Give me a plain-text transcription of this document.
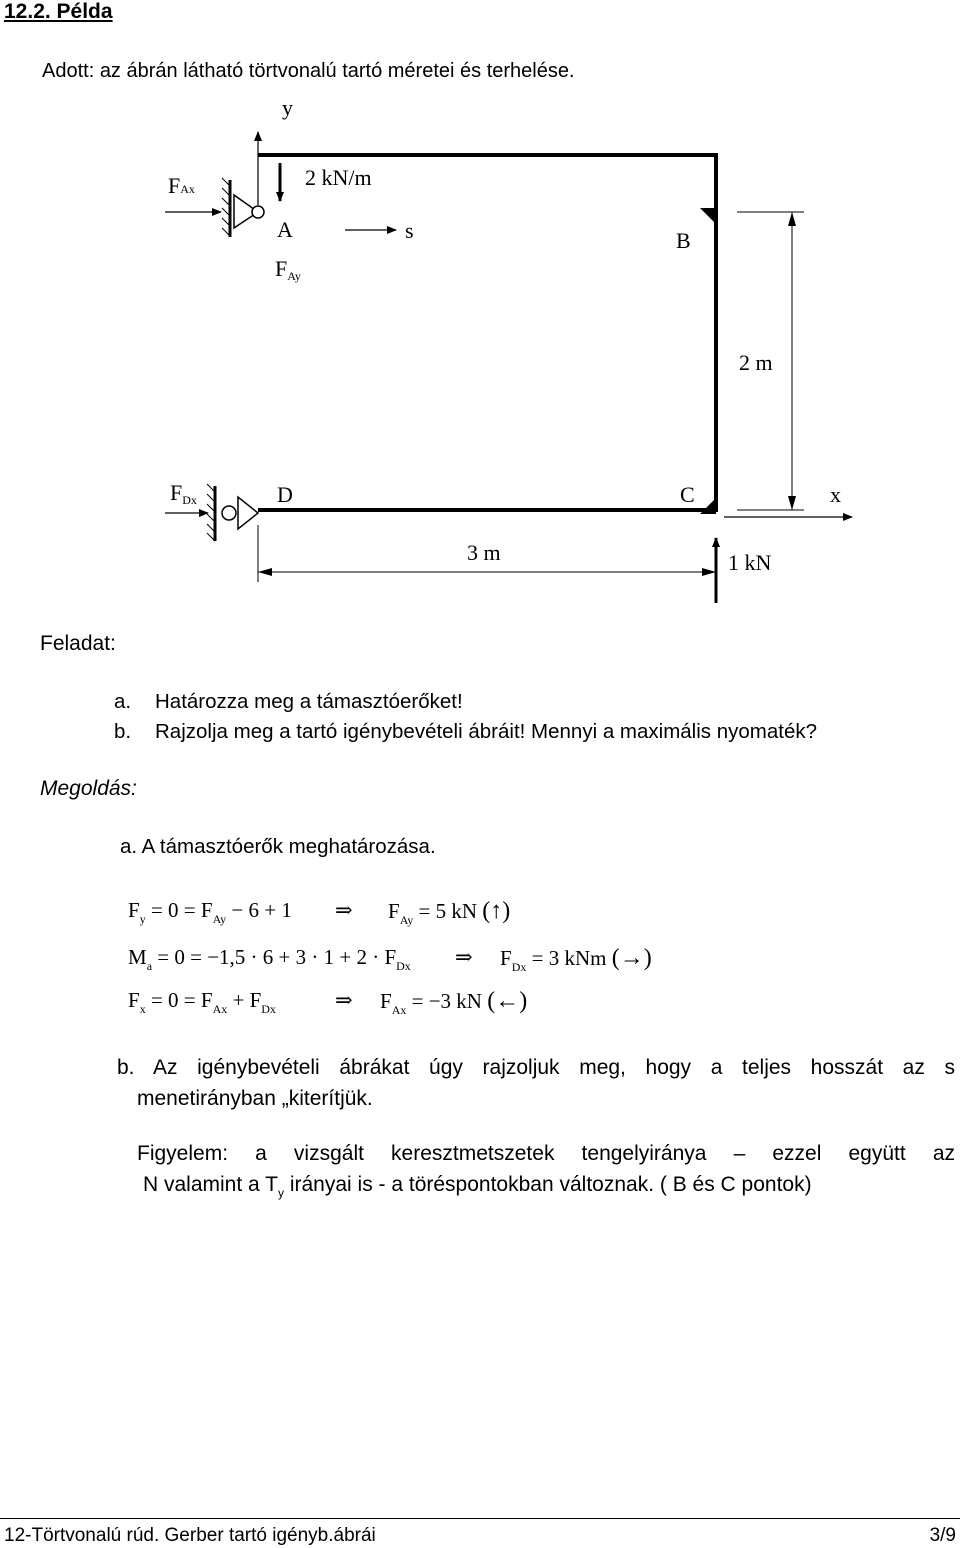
12.2. Példa
Adott: az ábrán látható törtvonalú tartó méretei és terhelése.
y
FAx	2 kN/m
A	s	B
FAy
2 m
FDx	D	C	x
3 m	1 kN
Feladat:
a. Határozza meg a támasztóerőket!
b. Rajzolja meg a tartó igénybevételi ábráit! Mennyi a maximális nyomaték?
Megoldás:
a. A támasztóerők meghatározása.
$F_y = 0 = F_{Ay} - 6 + 1$ ⇒ $F_{Ay} = 5$ kN (↑)
$M_a = 0 = -1,5 \cdot 6 + 3 \cdot 1 + 2 \cdot F_{Dx}$ ⇒ $F_{Dx} = 3$ kNm (→)
$F_x = 0 = F_{Ax} + F_{Dx}$	⇒ $F_{Ax} = -3$ kN (←)
b. Az igénybevételi ábrákat úgy rajzoljuk meg, hogy a teljes hosszát az s
menetirányban „kiterítjük.
Figyelem: a vizsgált keresztmetszetek tengelyiránya – ezzel együtt az
N valamint a $T_y$ irányai is - a töréspontokban változnak. ( B és C pontok)
12-Törtvonalú rúd. Gerber tartó igényb.ábrái	3/9
